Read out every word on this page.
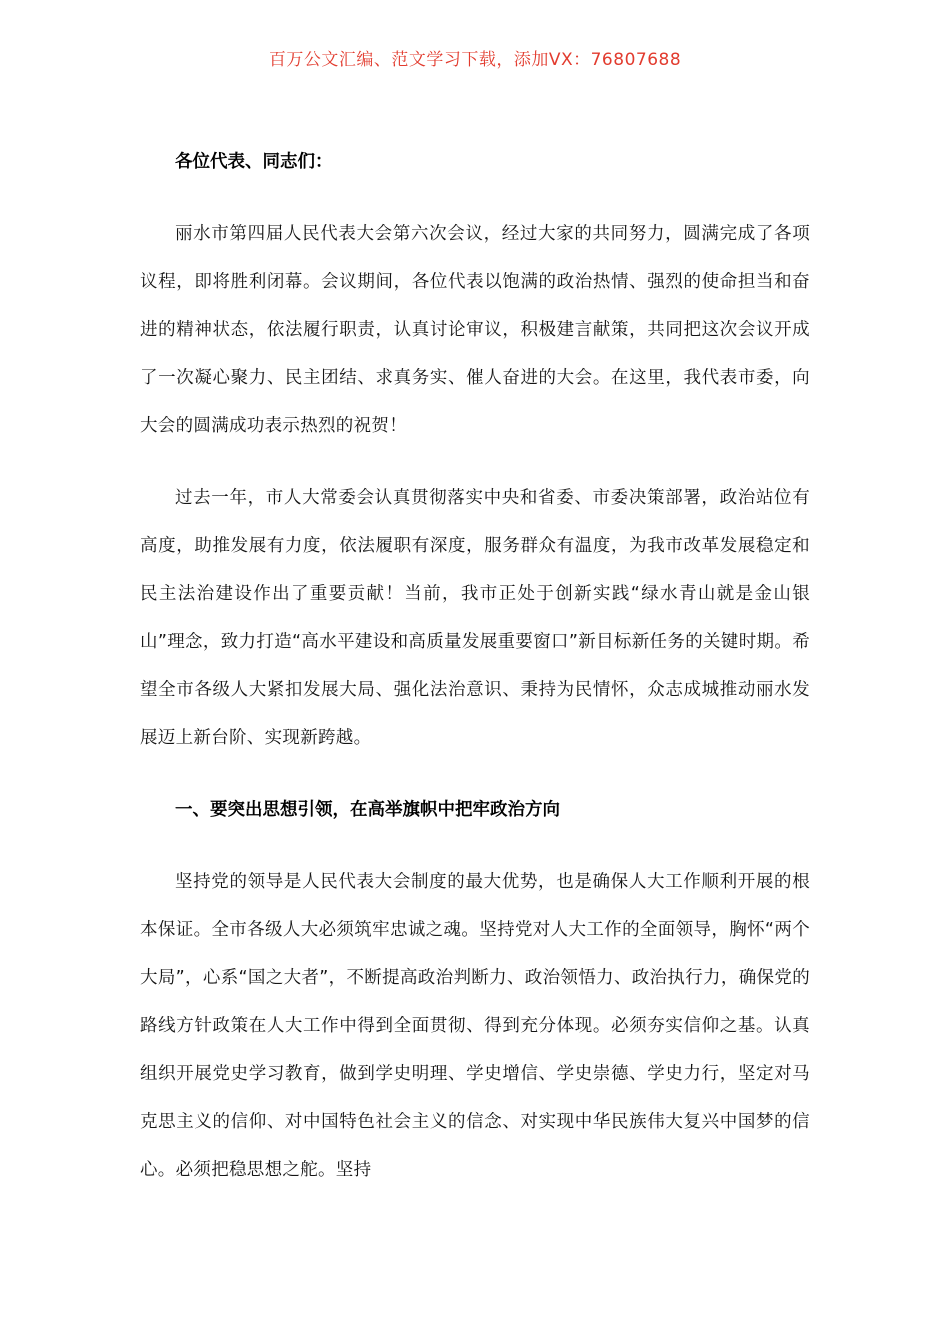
百万公文汇编、范文学习下载，添加VX：76807688

各位代表、同志们：

丽水市第四届人民代表大会第六次会议，经过大家的共同努力，圆满完成了各项议程，即将胜利闭幕。会议期间，各位代表以饱满的政治热情、强烈的使命担当和奋进的精神状态，依法履行职责，认真讨论审议，积极建言献策，共同把这次会议开成了一次凝心聚力、民主团结、求真务实、催人奋进的大会。在这里，我代表市委，向大会的圆满成功表示热烈的祝贺！

过去一年，市人大常委会认真贯彻落实中央和省委、市委决策部署，政治站位有高度，助推发展有力度，依法履职有深度，服务群众有温度，为我市改革发展稳定和民主法治建设作出了重要贡献！当前，我市正处于创新实践“绿水青山就是金山银山”理念，致力打造“高水平建设和高质量发展重要窗口”新目标新任务的关键时期。希望全市各级人大紧扣发展大局、强化法治意识、秉持为民情怀，众志成城推动丽水发展迈上新台阶、实现新跨越。

一、要突出思想引领，在高举旗帜中把牢政治方向

坚持党的领导是人民代表大会制度的最大优势，也是确保人大工作顺利开展的根本保证。全市各级人大必须筑牢忠诚之魂。坚持党对人大工作的全面领导，胸怀“两个大局”，心系“国之大者”，不断提高政治判断力、政治领悟力、政治执行力，确保党的路线方针政策在人大工作中得到全面贯彻、得到充分体现。必须夯实信仰之基。认真组织开展党史学习教育，做到学史明理、学史增信、学史崇德、学史力行，坚定对马克思主义的信仰、对中国特色社会主义的信念、对实现中华民族伟大复兴中国梦的信心。必须把稳思想之舵。坚持
